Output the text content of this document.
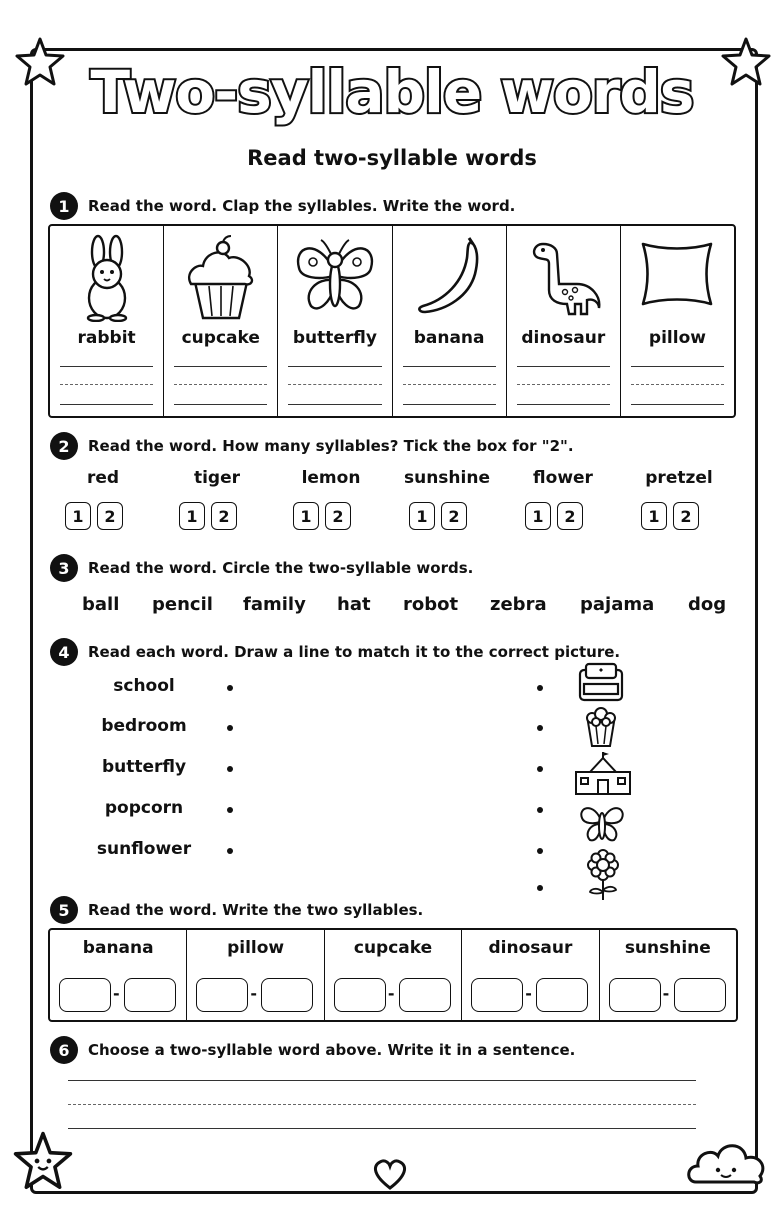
Two-syllable words
Read two-syllable words
1	Read the word. Clap the syllables. Write the word.
rabbit	cupcake	butterfly	banana	dinosaur	pillow
2	Read the word. How many syllables? Tick the box for "2".
red
1	2
tiger
1	2
lemon
1	2
sunshine
1	2
flower
1	2
pretzel
1	2
3	Read the word. Circle the two-syllable words.
ball pencil family hat robot zebra pajama dog
4	Read each word. Draw a line to match it to the correct picture.
school
bedroom
butterfly
popcorn
sunflower
5	Read the word. Write the two syllables.
banana
-
pillow
-
cupcake
-
dinosaur
-
sunshine
-
6	Choose a two-syllable word above. Write it in a sentence.
